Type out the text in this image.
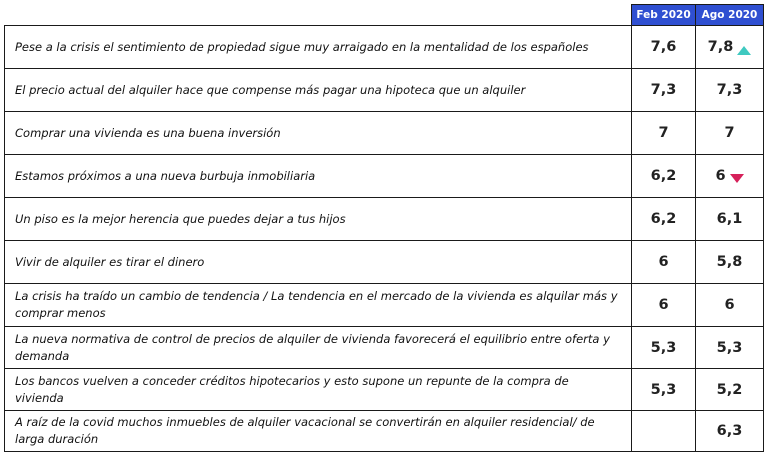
	Feb 2020	Ago 2020
Pese a la crisis el sentimiento de propiedad sigue muy arraigado en la mentalidad de los españoles	7,6	7,8

El precio actual del alquiler hace que compense más pagar una hipoteca que un alquiler	7,3	7,3
Comprar una vivienda es una buena inversión	7	7
Estamos próximos a una nueva burbuja inmobiliaria	6,2	6

Un piso es la mejor herencia que puedes dejar a tus hijos	6,2	6,1
Vivir de alquiler es tirar el dinero	6	5,8
La crisis ha traído un cambio de tendencia / La tendencia en el mercado de la vivienda es alquilar más y comprar menos	6	6
La nueva normativa de control de precios de alquiler de vivienda favorecerá el equilibrio entre oferta y demanda	5,3	5,3
Los bancos vuelven a conceder créditos hipotecarios y esto supone un repunte de la compra de vivienda	5,3	5,2
A raíz de la covid muchos inmuebles de alquiler vacacional se convertirán en alquiler residencial/ de larga duración		6,3
